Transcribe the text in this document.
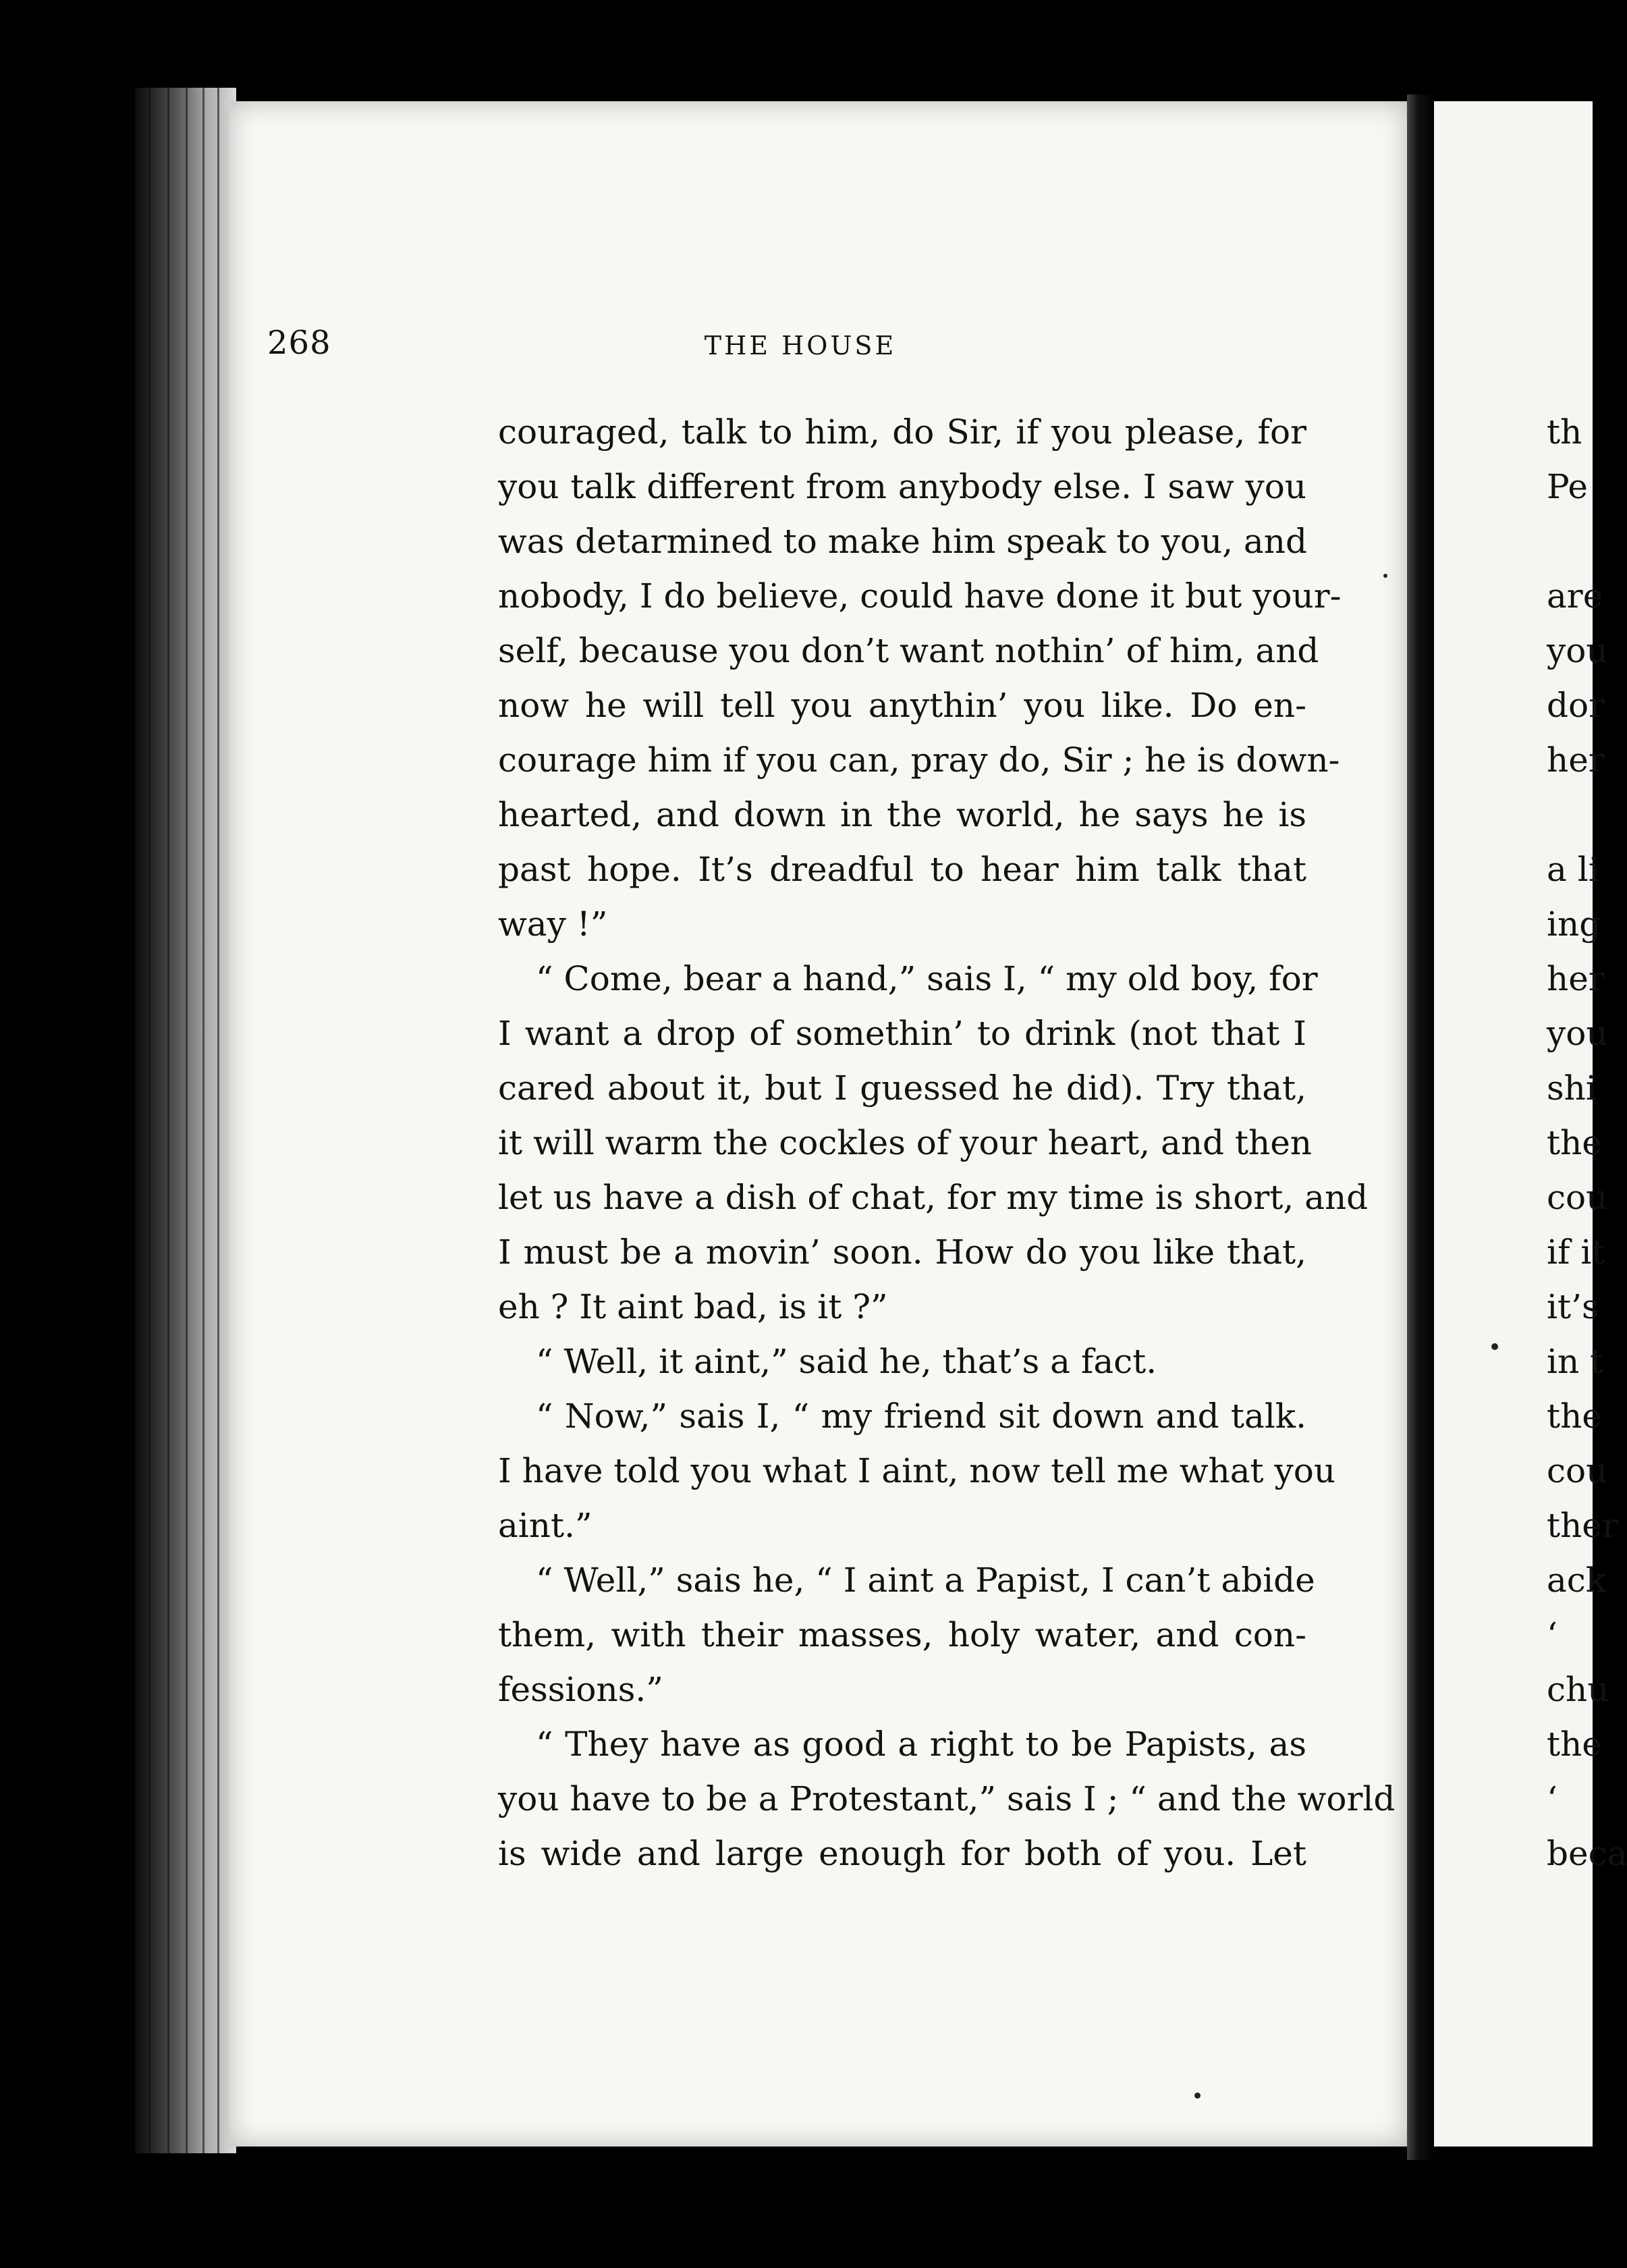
268	THE HOUSE
couraged, talk to him, do Sir, if you please, for
you talk different from anybody else. I saw you
was detarmined to make him speak to you, and
nobody, I do believe, could have done it but your-
self, because you don’t want nothin’ of him, and
now he will tell you anythin’ you like. Do en-
courage him if you can, pray do, Sir ; he is down-
hearted, and down in the world, he says he is
past hope. It’s dreadful to hear him talk that
way !”
“ Come, bear a hand,” sais I, “ my old boy, for
I want a drop of somethin’ to drink (not that I
cared about it, but I guessed he did). Try that,
it will warm the cockles of your heart, and then
let us have a dish of chat, for my time is short, and
I must be a movin’ soon. How do you like that,
eh ? It aint bad, is it ?”
“ Well, it aint,” said he, that’s a fact.
“ Now,” sais I, “ my friend sit down and talk.
I have told you what I aint, now tell me what you
aint.”
“ Well,” sais he, “ I aint a Papist, I can’t abide
them, with their masses, holy water, and con-
fessions.”
“ They have as good a right to be Papists, as
you have to be a Protestant,” sais I ; “ and the world
is wide and large enough for both of you. Let
th
Pe
are
you
dor
her
a li
ing
her
you
shi
the
cou
if it
it’s
in t
the
cou
ther
ack
‘
chu
the
‘
beca
